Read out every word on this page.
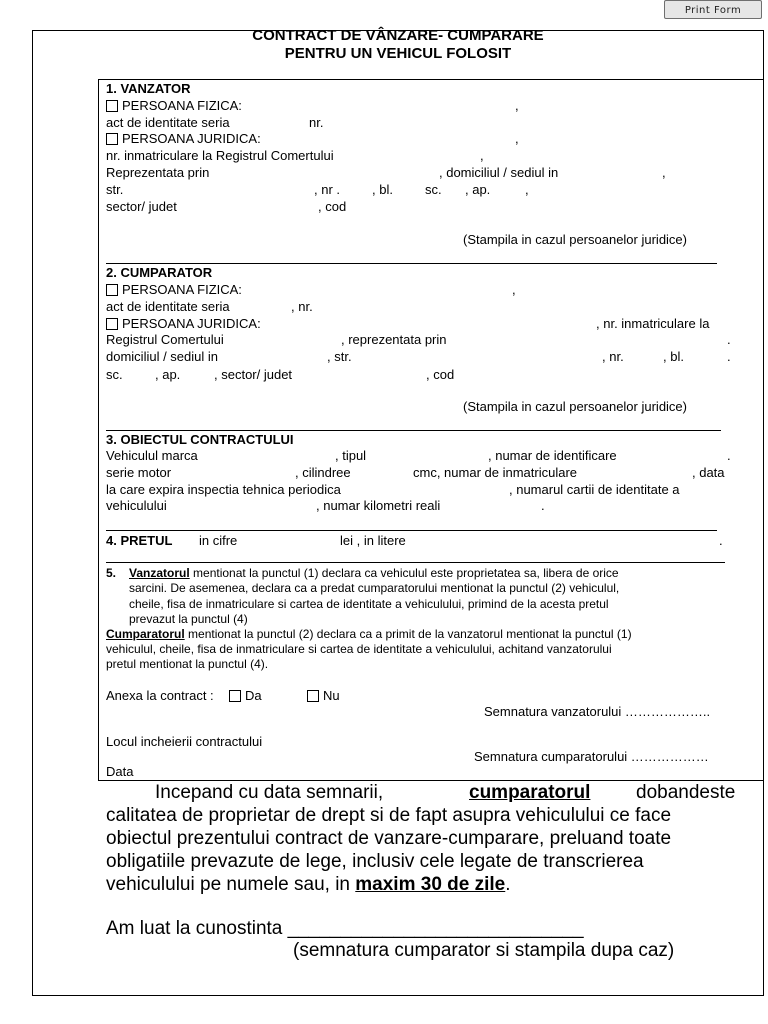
Print Form
CONTRACT DE VÂNZARE- CUMPARARE
PENTRU UN VEHICUL FOLOSIT
1. VANZATOR
PERSOANA FIZICA:	,
act de identitate seria	nr.
PERSOANA JURIDICA:	,
nr. inmatriculare la Registrul Comertului	,
Reprezentata prin	, domiciliul / sediul in	,
str.	, nr . , bl. sc. , ap.	,
sector/ judet	, cod
(Stampila in cazul persoanelor juridice)
2. CUMPARATOR
PERSOANA FIZICA:	,
act de identitate seria	, nr.
PERSOANA JURIDICA:	, nr. inmatriculare la
Registrul Comertului	, reprezentata prin	.
domiciliul / sediul in	, str.	, nr.	, bl.	.
sc. , ap.	, sector/ judet	, cod
(Stampila in cazul persoanelor juridice)
3. OBIECTUL CONTRACTULUI
Vehiculul marca	, tipul	, numar de identificare	.
serie motor	, cilindree	cmc, numar de inmatriculare	, data
la care expira inspectia tehnica periodica	, numarul cartii de identitate a
vehiculului	, numar kilometri reali	.
4. PRETUL in cifre	lei , in litere	.
5. Vanzatorul mentionat la punctul (1) declara ca vehiculul este proprietatea sa, libera de orice
sarcini. De asemenea, declara ca a predat cumparatorului mentionat la punctul (2) vehiculul,
cheile, fisa de inmatriculare si cartea de identitate a vehiculului, primind de la acesta pretul
prevazut la punctul (4)
Cumparatorul mentionat la punctul (2) declara ca a primit de la vanzatorul mentionat la punctul (1)
vehiculul, cheile, fisa de inmatriculare si cartea de identitate a vehiculului, achitand vanzatorului
pretul mentionat la punctul (4).
Anexa la contract :	Da	Nu
Semnatura vanzatorului ………………..
Locul incheierii contractului
Semnatura cumparatorului ………………
Data
Incepand cu data semnarii,	cumparatorul dobandeste
calitatea de proprietar de drept si de fapt asupra vehiculului ce face
obiectul prezentului contract de vanzare-cumparare, preluand toate
obligatiile prevazute de lege, inclusiv cele legate de transcrierea
vehiculului pe numele sau, in maxim 30 de zile.
Am luat la cunostinta ____________________________
(semnatura cumparator si stampila dupa caz)
